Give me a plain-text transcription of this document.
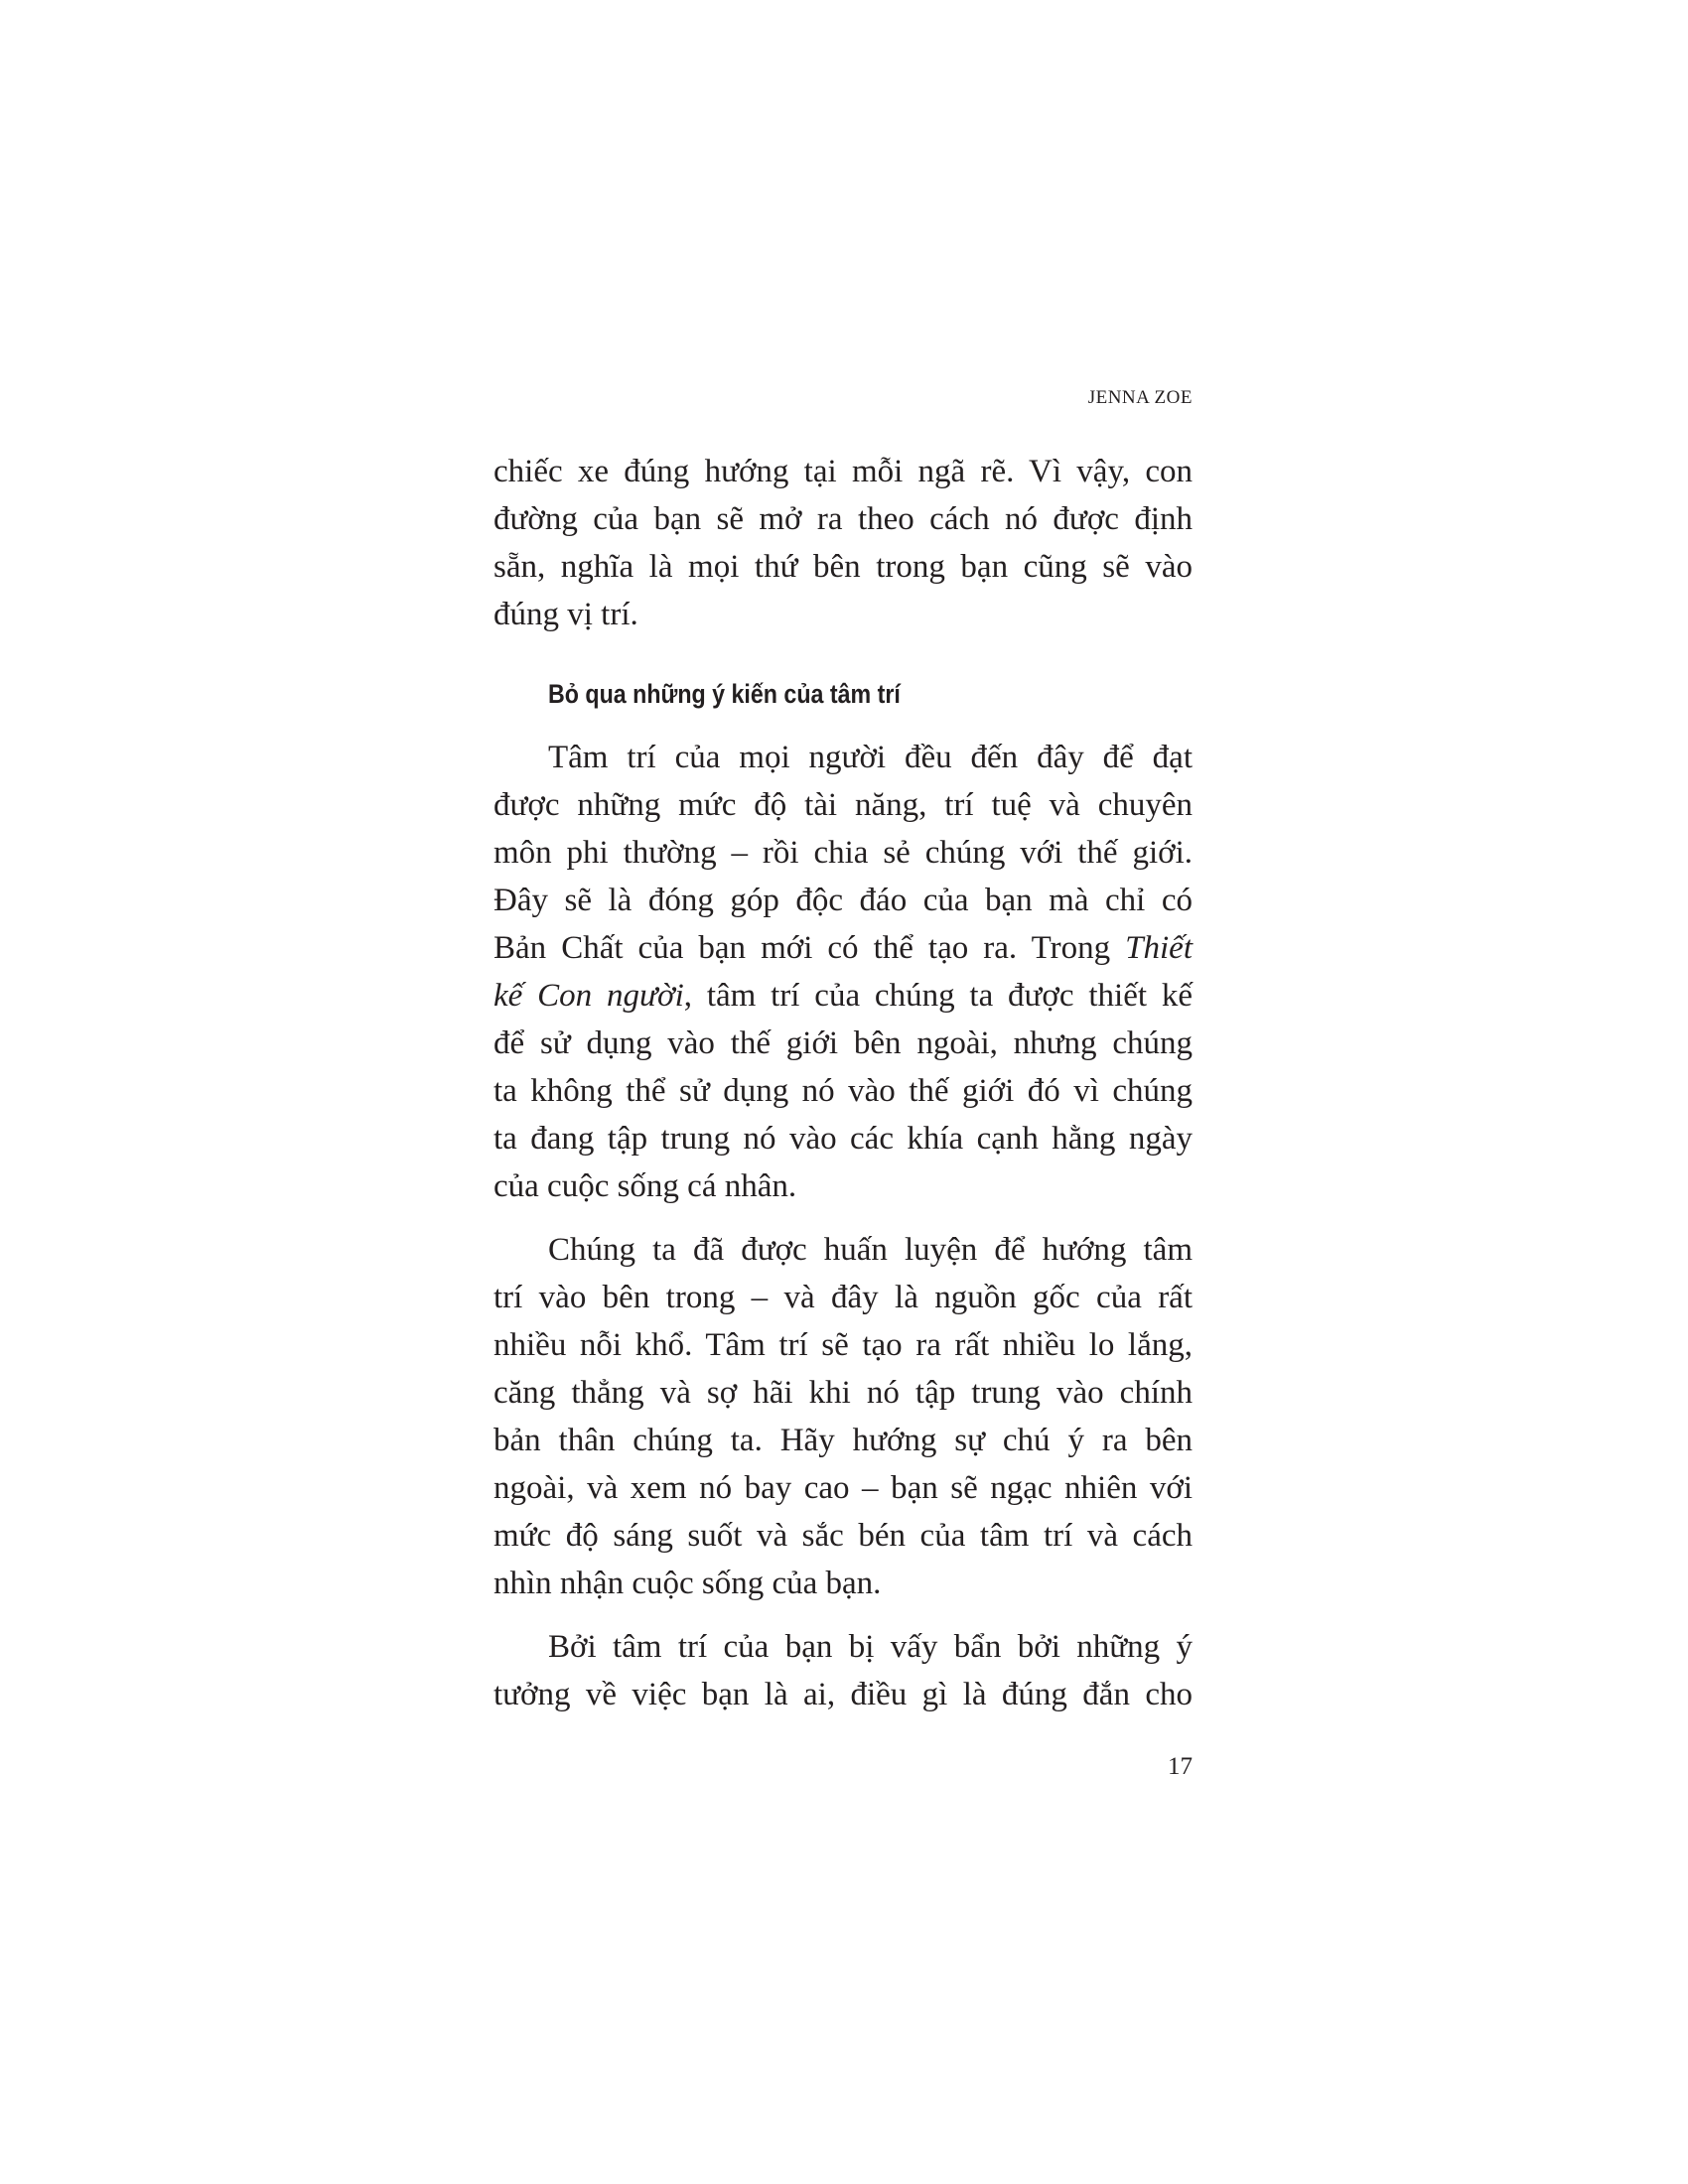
JENNA ZOE
chiếc xe đúng hướng tại mỗi ngã rẽ. Vì vậy, con
đường của bạn sẽ mở ra theo cách nó được định
sẵn, nghĩa là mọi thứ bên trong bạn cũng sẽ vào
đúng vị trí.
Bỏ qua những ý kiến của tâm trí
Tâm trí của mọi người đều đến đây để đạt
được những mức độ tài năng, trí tuệ và chuyên
môn phi thường – rồi chia sẻ chúng với thế giới.
Đây sẽ là đóng góp độc đáo của bạn mà chỉ có
Bản Chất của bạn mới có thể tạo ra. Trong Thiết
kế Con người, tâm trí của chúng ta được thiết kế
để sử dụng vào thế giới bên ngoài, nhưng chúng
ta không thể sử dụng nó vào thế giới đó vì chúng
ta đang tập trung nó vào các khía cạnh hằng ngày
của cuộc sống cá nhân.
Chúng ta đã được huấn luyện để hướng tâm
trí vào bên trong – và đây là nguồn gốc của rất
nhiều nỗi khổ. Tâm trí sẽ tạo ra rất nhiều lo lắng,
căng thẳng và sợ hãi khi nó tập trung vào chính
bản thân chúng ta. Hãy hướng sự chú ý ra bên
ngoài, và xem nó bay cao – bạn sẽ ngạc nhiên với
mức độ sáng suốt và sắc bén của tâm trí và cách
nhìn nhận cuộc sống của bạn.
Bởi tâm trí của bạn bị vấy bẩn bởi những ý
tưởng về việc bạn là ai, điều gì là đúng đắn cho
17
